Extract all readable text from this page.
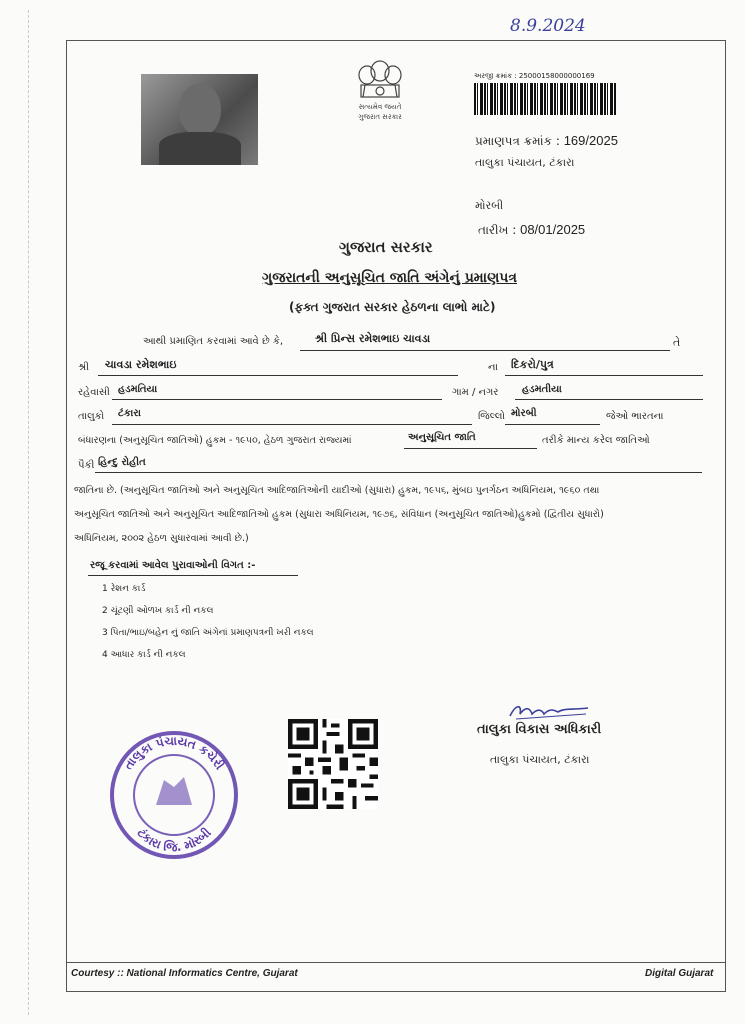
8.9.2024
સત્યમેવ જયતે
ગુજરાત સરકાર
અરજી ક્રમાંક : 25000158000000169
પ્રમાણપત્ર ક્રમાંક : 169/2025
તાલુકા પંચાયત, ટંકારા
મોરબી
તારીખ : 08/01/2025
ગુજરાત સરકાર
ગુજરાતની અનુસૂચિત જાતિ અંગેનું પ્રમાણપત્ર
(ફક્ત ગુજરાત સરકાર હેઠળના લાભો માટે)
આથી પ્રમાણિત કરવામાં આવે છે કે,	શ્રી પ્રિન્સ રમેશભાઇ ચાવડા	તે
શ્રી ચાવડા રમેશભાઇ	ના દિકરો/પુત્ર
રહેવાસી હડમતિયા	ગામ / નગર હડમતીયા
તાલુકો ટંકારા	જિલ્લો મોરબી	જેઓ ભારતના
બંધારણના (અનુસૂચિત જાતિઓ) હુકમ - ૧૯૫૦, હેઠળ ગુજરાત રાજ્યમાં	અનુસૂચિત જાતિ	તરીકે માન્ય કરેલ જાતિઓ
પૈકી હિન્દુ રોહીત
જાતિના છે. (અનુસૂચિત જાતિઓ અને અનુસૂચિત આદિજાતિઓની યાદીઓ (સુધારા) હુકમ, ૧૯૫૬, મુંબઇ પુનર્ગઠન અધિનિયમ, ૧૯૬૦ તથા
અનુસૂચિત જાતિઓ અને અનુસૂચિત આદિજાતિઓ હુકમ (સુધારા અધિનિયમ, ૧૯૭૬, સંવિધાન (અનુસૂચિત જાતિઓ)હુકમો (દ્વિતીય સુધારો)
અધિનિયમ, ૨૦૦૨ હેઠળ સુધારવામાં આવી છે.)
રજૂ કરવામાં આવેલ પુરાવાઓની વિગત :-
1 રેશન કાર્ડ
2 ચૂંટણી ઓળખ કાર્ડ ની નકલ
3 પિતા/ભાઇ/બહેન નું જાતિ અંગેનાં પ્રમાણપત્રની ખરી નકલ
4 આધાર કાર્ડ ની નકલ
તાલુકા પંચાયત કચેરી
ટંકારા જિ. મોરબી
તાલુકા વિકાસ અધિકારી
તાલુકા પંચાયત, ટંકારા
Courtesy :: National Informatics Centre, Gujarat	Digital Gujarat
